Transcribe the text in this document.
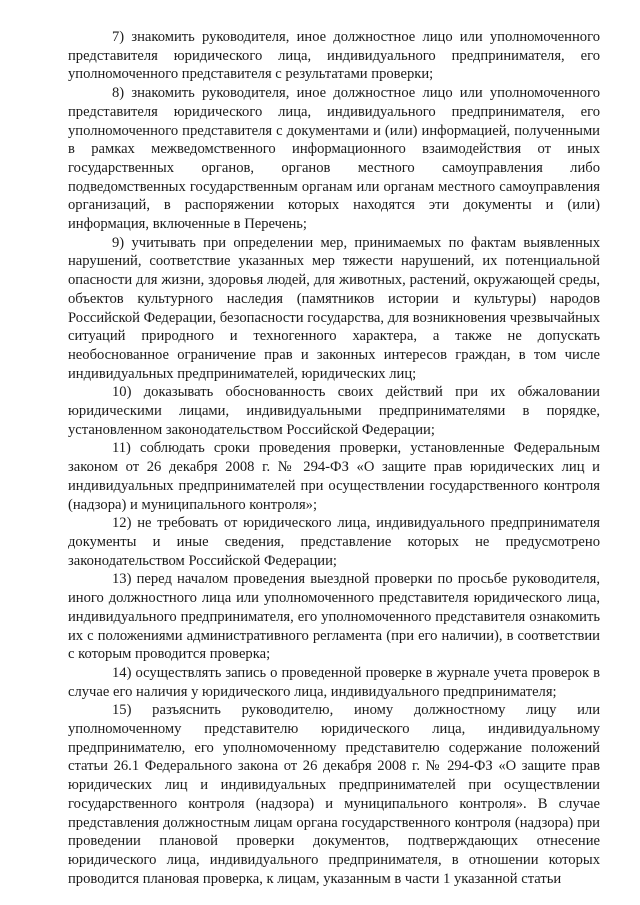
7) знакомить руководителя, иное должностное лицо или уполномоченного представителя юридического лица, индивидуального предпринимателя, его уполномоченного представителя с результатами проверки;

8) знакомить руководителя, иное должностное лицо или уполномоченного представителя юридического лица, индивидуального предпринимателя, его уполномоченного представителя с документами и (или) информацией, полученными в рамках межведомственного информационного взаимодействия от иных государственных органов, органов местного самоуправления либо подведомственных государственным органам или органам местного самоуправления организаций, в распоряжении которых находятся эти документы и (или) информация, включенные в Перечень;

9) учитывать при определении мер, принимаемых по фактам выявленных нарушений, соответствие указанных мер тяжести нарушений, их потенциальной опасности для жизни, здоровья людей, для животных, растений, окружающей среды, объектов культурного наследия (памятников истории и культуры) народов Российской Федерации, безопасности государства, для возникновения чрезвычайных ситуаций природного и техногенного характера, а также не допускать необоснованное ограничение прав и законных интересов граждан, в том числе индивидуальных предпринимателей, юридических лиц;

10) доказывать обоснованность своих действий при их обжаловании юридическими лицами, индивидуальными предпринимателями в порядке, установленном законодательством Российской Федерации;

11) соблюдать сроки проведения проверки, установленные Федеральным законом от 26 декабря 2008 г. № 294-ФЗ «О защите прав юридических лиц и индивидуальных предпринимателей при осуществлении государственного контроля (надзора) и муниципального контроля»;

12) не требовать от юридического лица, индивидуального предпринимателя документы и иные сведения, представление которых не предусмотрено законодательством Российской Федерации;

13) перед началом проведения выездной проверки по просьбе руководителя, иного должностного лица или уполномоченного представителя юридического лица, индивидуального предпринимателя, его уполномоченного представителя ознакомить их с положениями административного регламента (при его наличии), в соответствии с которым проводится проверка;

14) осуществлять запись о проведенной проверке в журнале учета проверок в случае его наличия у юридического лица, индивидуального предпринимателя;

15) разъяснить руководителю, иному должностному лицу или уполномоченному представителю юридического лица, индивидуальному предпринимателю, его уполномоченному представителю содержание положений статьи 26.1 Федерального закона от 26 декабря 2008 г. № 294-ФЗ «О защите прав юридических лиц и индивидуальных предпринимателей при осуществлении государственного контроля (надзора) и муниципального контроля». В случае представления должностным лицам органа государственного контроля (надзора) при проведении плановой проверки документов, подтверждающих отнесение юридического лица, индивидуального предпринимателя, в отношении которых проводится плановая проверка, к лицам, указанным в части 1 указанной статьи
